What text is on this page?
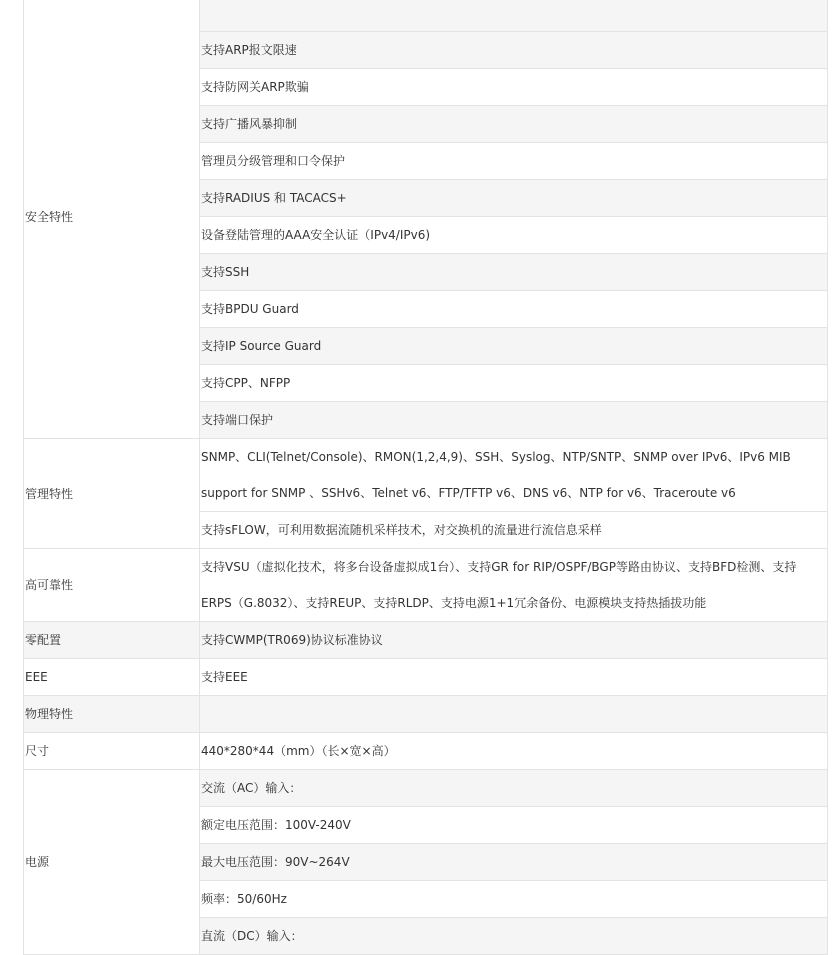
安全特性	
	支持ARP报文限速
	支持防网关ARP欺骗
	支持广播风暴抑制
	管理员分级管理和口令保护
	支持RADIUS 和 TACACS+
	设备登陆管理的AAA安全认证（IPv4/IPv6)
	支持SSH
	支持BPDU Guard
	支持IP Source Guard
	支持CPP、NFPP
	支持端口保护
管理特性	SNMP、CLI(Telnet/Console)、RMON(1,2,4,9)、SSH、Syslog、NTP/SNTP、SNMP over IPv6、IPv6 MIB
support for SNMP 、SSHv6、Telnet v6、FTP/TFTP v6、DNS v6、NTP for v6、Traceroute v6

	支持sFLOW，可利用数据流随机采样技术，对交换机的流量进行流信息采样
高可靠性	支持VSU（虚拟化技术，将多台设备虚拟成1台）、支持GR for RIP/OSPF/BGP等路由协议、支持BFD检测、支持
ERPS（G.8032）、支持REUP、支持RLDP、支持电源1+1冗余备份、电源模块支持热插拔功能

零配置	支持CWMP(TR069)协议标准协议
EEE	支持EEE
物理特性	
尺寸	440*280*44（mm）（长×宽×高）
电源	交流（AC）输入：
	额定电压范围：100V-240V
	最大电压范围：90V~264V
	频率：50/60Hz
	直流（DC）输入：
